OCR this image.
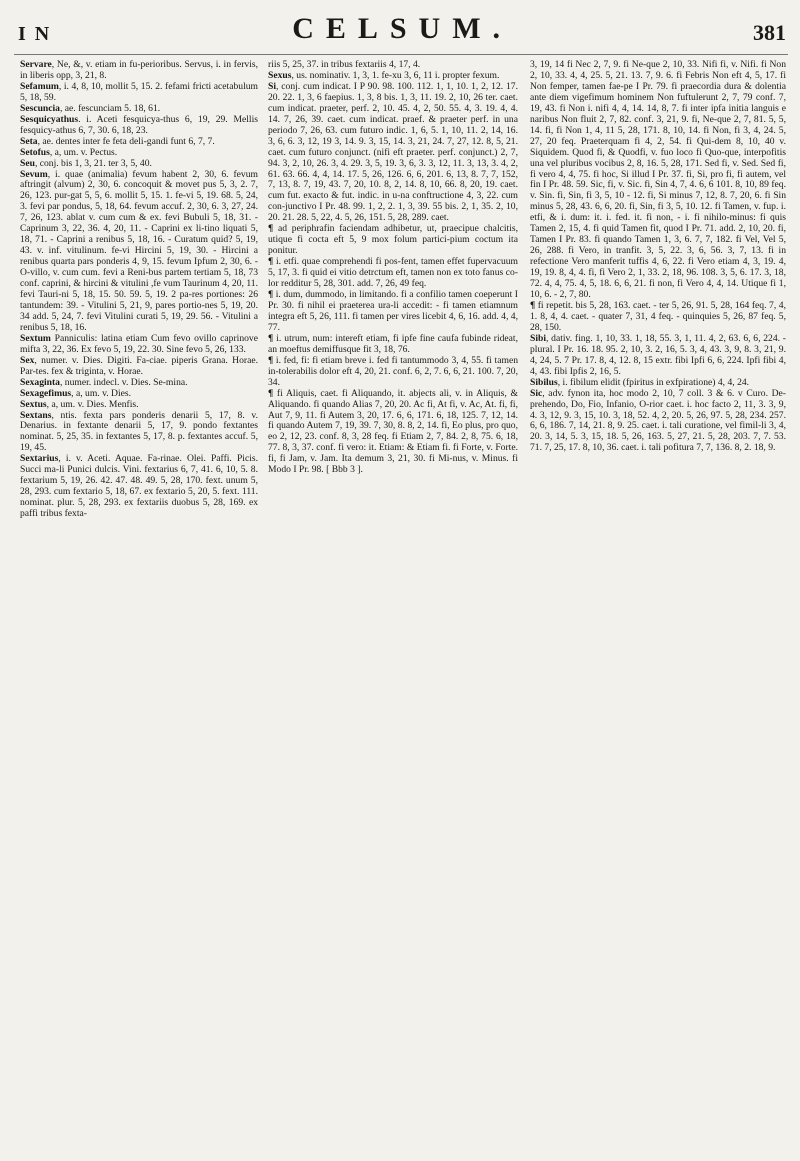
I N	CELSUM.	381

Servare, Ne, &, v. etiam in fu-perioribus. Servus, i. in fervis, in liberis opp, 3, 21, 8.

Sefamum, i. 4, 8, 10, mollit 5, 15. 2. fefami fricti acetabulum 5, 18, 59.

Sescuncia, ae. fescunciam 5. 18, 61.

Sesquicyathus. i. Aceti fesquicya-thus 6, 19, 29. Mellis fesquicy-athus 6, 7, 30. 6, 18, 23.

Seta, ae. dentes inter fe feta deli-gandi funt 6, 7, 7.

Setofus, a, um. v. Pectus.

Seu, conj. bis 1, 3, 21. ter 3, 5, 40.

Sevum, i. quae (animalia) fevum habent 2, 30, 6. fevum aftringit (alvum) 2, 30, 6. concoquit & movet pus 5, 3, 2. 7, 26, 123. pur-gat 5, 5, 6. mollit 5, 15. 1. fe-vi 5, 19. 68. 5, 24, 3. fevi par pondus, 5, 18, 64. fevum accuf. 2, 30, 6. 3, 27, 24. 7, 26, 123. ablat v. cum cum & ex. fevi Bubuli 5, 18, 31. - Caprinum 3, 22, 36. 4, 20, 11. - Caprini ex li-tino liquati 5, 18, 71. - Caprini a renibus 5, 18, 16. - Curatum quid? 5, 19, 43. v. inf. vitulinum. fe-vi Hircini 5, 19, 30. - Hircini a renibus quarta pars ponderis 4, 9, 15. fevum Ipfum 2, 30, 6. - O-villo, v. cum cum. fevi a Reni-bus partem tertiam 5, 18, 73 conf. caprini, & hircini & vitulini ,fe vum Taurinum 4, 20, 11. fevi Tauri-ni 5, 18, 15. 50. 59. 5, 19. 2 pa-res portiones: 26 tantundem: 39. - Vitulini 5, 21, 9, pares portio-nes 5, 19, 20. 34 add. 5, 24, 7. fevi Vitulini curati 5, 19, 29. 56. - Vitulini a renibus 5, 18, 16.

Sextum Panniculis: latina etiam Cum fevo ovillo caprinove mifta 3, 22, 36. Ex fevo 5, 19, 22. 30. Sine fevo 5, 26, 133.

Sex, numer. v. Dies. Digiti. Fa-ciae. piperis Grana. Horae. Par-tes. fex & triginta, v. Horae.

Sexaginta, numer. indecl. v. Dies. Se-mina.

Sexagefimus, a, um. v. Dies.

Sextus, a, um. v. Dies. Menfis.

Sextans, ntis. fexta pars ponderis denarii 5, 17, 8. v. Denarius. in fextante denarii 5, 17, 9. pondo fextantes nominat. 5, 25, 35. in fextantes 5, 17, 8. p. fextantes accuf. 5, 19, 45.

Sextarius, i. v. Aceti. Aquae. Fa-rinae. Olei. Paffi. Picis. Succi ma-li Punici dulcis. Vini. fextarius 6, 7, 41. 6, 10, 5. 8. fextarium 5, 19, 26. 42. 47. 48. 49. 5, 28, 170. fext. unum 5, 28, 293. cum fextario 5, 18, 67. ex fextario 5, 20, 5. fext. 111. nominat. plur. 5, 28, 293. ex fextariis duobus 5, 28, 169. ex paffi tribus fexta-

riis 5, 25, 37. in tribus fextariis 4, 17, 4.

Sexus, us. nominativ. 1, 3, 1. fe-xu 3, 6, 11 i. propter fexum.

Si, conj. cum indicat. I P 90. 98. 100. 112. 1, 1, 10. 1, 2, 12. 17. 20. 22. 1, 3, 6 faepius. 1, 3, 8 bis. 1, 3, 11. 19. 2, 10, 26 ter. caet. cum indicat. praeter, perf. 2, 10. 45. 4, 2, 50. 55. 4, 3. 19. 4, 4. 14. 7, 26, 39. caet. cum indicat. praef. & praeter perf. in una periodo 7, 26, 63. cum futuro indic. 1, 6, 5. 1, 10, 11. 2, 14, 16. 3, 6, 6. 3, 12, 19 3, 14. 9. 3, 15, 14. 3, 21, 24. 7, 27, 12. 8, 5, 21. caet. cum futuro conjunct. (nifi eft praeter. perf. conjunct.) 2, 7, 94. 3, 2, 10, 26. 3, 4. 29. 3, 5, 19. 3, 6, 3. 3, 12, 11. 3, 13, 3. 4, 2, 61. 63. 66. 4, 4, 14. 17. 5, 26, 126. 6, 6, 201. 6, 13, 8. 7, 7, 152, 7, 13, 8. 7, 19, 43. 7, 20, 10. 8, 2, 14. 8, 10, 66. 8, 20, 19. caet. cum fut. exacto & fut. indic. in u-na conftructione 4, 3, 22. cum con-junctivo I Pr. 48. 99. 1, 2, 2. 1, 3, 39. 55 bis. 2, 1, 35. 2, 10, 20. 21. 28. 5, 22, 4. 5, 26, 151. 5, 28, 289. caet.

¶ ad periphrafin faciendam adhibetur, ut, praecipue chalcitis, utique fi cocta eft 5, 9 mox folum partici-pium coctum ita ponitur.

¶ i. etfi. quae comprehendi fi pos-fent, tamen effet fupervacuum 5, 17, 3. fi quid ei vitio detrctum eft, tamen non ex toto fanus co-lor redditur 5, 28, 301. add. 7, 26, 49 feq.

¶ i. dum, dummodo, in limitando. fi a confilio tamen coeperunt I Pr. 30. fi nihil ei praeterea ura-li accedit: - fi tamen etiamnum integra eft 5, 26, 111. fi tamen per vires licebit 4, 6, 16. add. 4, 4, 77.

¶ i. utrum, num: intereft etiam, fi ipfe fine caufa fubinde rideat, an moeftus demiffusque fit 3, 18, 76.

¶ i. fed, fi: fi etiam breve i. fed fi tantummodo 3, 4, 55. fi tamen in-tolerabilis dolor eft 4, 20, 21. conf. 6, 2, 7. 6, 6, 21. 100. 7, 20, 34.

¶ fi Aliquis, caet. fi Aliquando, it. abjects ali, v. in Aliquis, & Aliquando. fi quando Alias 7, 20, 20. Ac fi, At fi, v. Ac, At. fi, fi, Aut 7, 9, 11. fi Autem 3, 20, 17. 6, 6, 171. 6, 18, 125. 7, 12, 14. fi quando Autem 7, 19, 39. 7, 30, 8. 8, 2, 14. fi, Eo plus, pro quo, eo 2, 12, 23. conf. 8, 3, 28 feq. fi Etiam 2, 7, 84. 2, 8, 75. 6, 18, 77. 8, 3, 37. conf. fi vero: it. Etiam: & Etiam fi. fi Forte, v. Forte. fi, fi Jam, v. Jam. Ita demum 3, 21, 30. fi Mi-nus, v. Minus. fi Modo I Pr. 98. [ Bbb 3 ].

3, 19, 14 fi Nec 2, 7, 9. fi Ne-que 2, 10, 33. Nifi fi, v. Nifi. fi Non 2, 10, 33. 4, 4, 25. 5, 21. 13. 7, 9. 6. fi Febris Non eft 4, 5, 17. fi Non femper, tamen fae-pe I Pr. 79. fi praecordia dura & dolentia ante diem vigefimum hominem Non fuftulerunt 2, 7, 79 conf. 7, 19, 43. fi Non i. nifi 4, 4, 14. 14, 8, 7. fi inter ipfa initia languis e naribus Non fluit 2, 7, 82. conf. 3, 21, 9. fi, Ne-que 2, 7, 81. 5, 5, 14. fi, fi Non 1, 4, 11 5, 28, 171. 8, 10, 14. fi Non, fi 3, 4, 24. 5, 27, 20 feq. Praeterquam fi 4, 2, 54. fi Qui-dem 8, 10, 40 v. Siquidem. Quod fi, & Quodfi, v. fuo loco fi Quo-que, interpofitis una vel pluribus vocibus 2, 8, 16. 5, 28, 171. Sed fi, v. Sed. Sed fi, fi vero 4, 4, 75. fi hoc, Si illud I Pr. 37. fi, Si, pro fi, fi autem, vel fin I Pr. 48. 59. Sic, fi, v. Sic. fi, Sin 4, 7, 4. 6, 6 101. 8, 10, 89 feq. v. Sin. fi, Sin, fi 3, 5, 10 - 12. fi, Si minus 7, 12, 8. 7, 20, 6. fi Sin minus 5, 28, 43. 6, 6, 20. fi, Sin, fi 3, 5, 10. 12. fi Tamen, v. fup. i. etfi, & i. dum: it. i. fed. it. fi non, - i. fi nihilo-minus: fi quis Tamen 2, 15, 4. fi quid Tamen fit, quod I Pr. 71. add. 2, 10, 20. fi, Tamen I Pr. 83. fi quando Tamen 1, 3, 6. 7, 7, 182. fi Vel, Vel 5, 26, 288. fi Vero, in tranfit. 3, 5, 22. 3, 6, 56. 3, 7, 13. fi in refectione Vero manferit tuffis 4, 6, 22. fi Vero etiam 4, 3, 19. 4, 19, 19. 8, 4, 4. fi, fi Vero 2, 1, 33. 2, 18, 96. 108. 3, 5, 6. 17. 3, 18, 72. 4, 4, 75. 4, 5, 18. 6, 6, 21. fi non, fi Vero 4, 4, 14. Utique fi 1, 10, 6. - 2, 7, 80.

¶ fi repetit. bis 5, 28, 163. caet. - ter 5, 26, 91. 5, 28, 164 feq. 7, 4, 1. 8, 4, 4. caet. - quater 7, 31, 4 feq. - quinquies 5, 26, 87 feq. 5, 28, 150.

Sibi, dativ. fing. 1, 10, 33. 1, 18, 55. 3, 1, 11. 4, 2, 63. 6, 6, 224. - plural. I Pr. 16. 18. 95. 2, 10, 3. 2, 16, 5. 3, 4, 43. 3, 9, 8. 3, 21, 9. 4, 24, 5. 7 Pr. 17. 8, 4, 12. 8, 15 extr. fibi Ipfi 6, 6, 224. Ipfi fibi 4, 4, 43. fibi Ipfis 2, 16, 5.

Sibilus, i. fibilum elidit (fpiritus in exfpiratione) 4, 4, 24.

Sic, adv. fynon ita, hoc modo 2, 10, 7 coll. 3 & 6. v Curo. De-prehendo, Do, Fio, Infanio, O-rior caet. i. hoc facto 2, 11, 3. 3, 9, 4. 3, 12, 9. 3, 15, 10. 3, 18, 52. 4, 2, 20. 5, 26, 97. 5, 28, 234. 257. 6, 6, 186. 7, 14, 21. 8, 9. 25. caet. i. tali curatione, vel fimil-li 3, 4, 20. 3, 14, 5. 3, 15, 18. 5, 26, 163. 5, 27, 21. 5, 28, 203. 7, 7. 53. 71. 7, 25, 17. 8, 10, 36. caet. i. tali pofitura 7, 7, 136. 8, 2. 18, 9.
